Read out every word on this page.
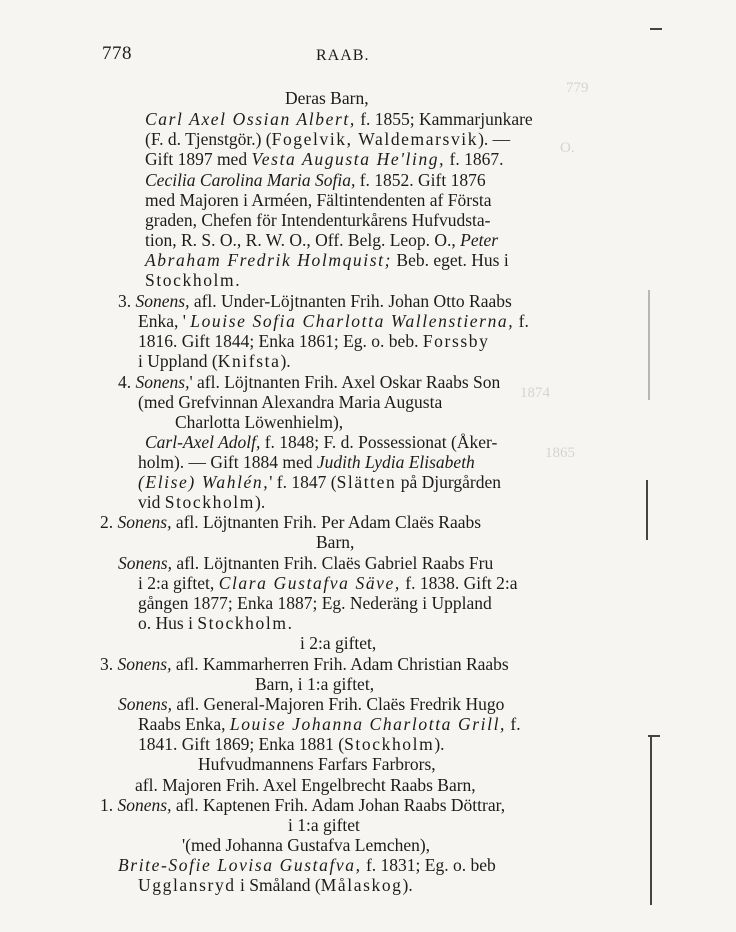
778	RAAB.
Deras Barn,
Carl Axel Ossian Albert, f. 1855; Kammarjunkare
(F. d. Tjenstgör.) (Fogelvik, Waldemarsvik). —
Gift 1897 med Vesta Augusta He'ling, f. 1867.
Cecilia Carolina Maria Sofia, f. 1852. Gift 1876
med Majoren i Arméen, Fältintendenten af Första
graden, Chefen för Intendenturkårens Hufvudsta-
tion, R. S. O., R. W. O., Off. Belg. Leop. O., Peter
Abraham Fredrik Holmquist; Beb. eget. Hus i
Stockholm.
3. Sonens, afl. Under-Löjtnanten Frih. Johan Otto Raabs
Enka, ' Louise Sofia Charlotta Wallenstierna, f.
1816. Gift 1844; Enka 1861; Eg. o. beb. Forssby
i Uppland (Knifsta).
4. Sonens,' afl. Löjtnanten Frih. Axel Oskar Raabs Son
(med Grefvinnan Alexandra Maria Augusta
Charlotta Löwenhielm),
Carl-Axel Adolf, f. 1848; F. d. Possessionat (Åker-
holm). — Gift 1884 med Judith Lydia Elisabeth
(Elise) Wahlén,' f. 1847 (Slätten på Djurgården
vid Stockholm).
2. Sonens, afl. Löjtnanten Frih. Per Adam Claës Raabs
Barn,
Sonens, afl. Löjtnanten Frih. Claës Gabriel Raabs Fru
i 2:a giftet, Clara Gustafva Säve, f. 1838. Gift 2:a
gången 1877; Enka 1887; Eg. Nederäng i Uppland
o. Hus i Stockholm.
i 2:a giftet,
3. Sonens, afl. Kammarherren Frih. Adam Christian Raabs
Barn, i 1:a giftet,
Sonens, afl. General-Majoren Frih. Claës Fredrik Hugo
Raabs Enka, Louise Johanna Charlotta Grill, f.
1841. Gift 1869; Enka 1881 (Stockholm).
Hufvudmannens Farfars Farbrors,
afl. Majoren Frih. Axel Engelbrecht Raabs Barn,
1. Sonens, afl. Kaptenen Frih. Adam Johan Raabs Döttrar,
i 1:a giftet
'(med Johanna Gustafva Lemchen),
Brite-Sofie Lovisa Gustafva, f. 1831; Eg. o. beb
Ugglansryd i Småland (Målaskog).
779
O.
1874
1865
